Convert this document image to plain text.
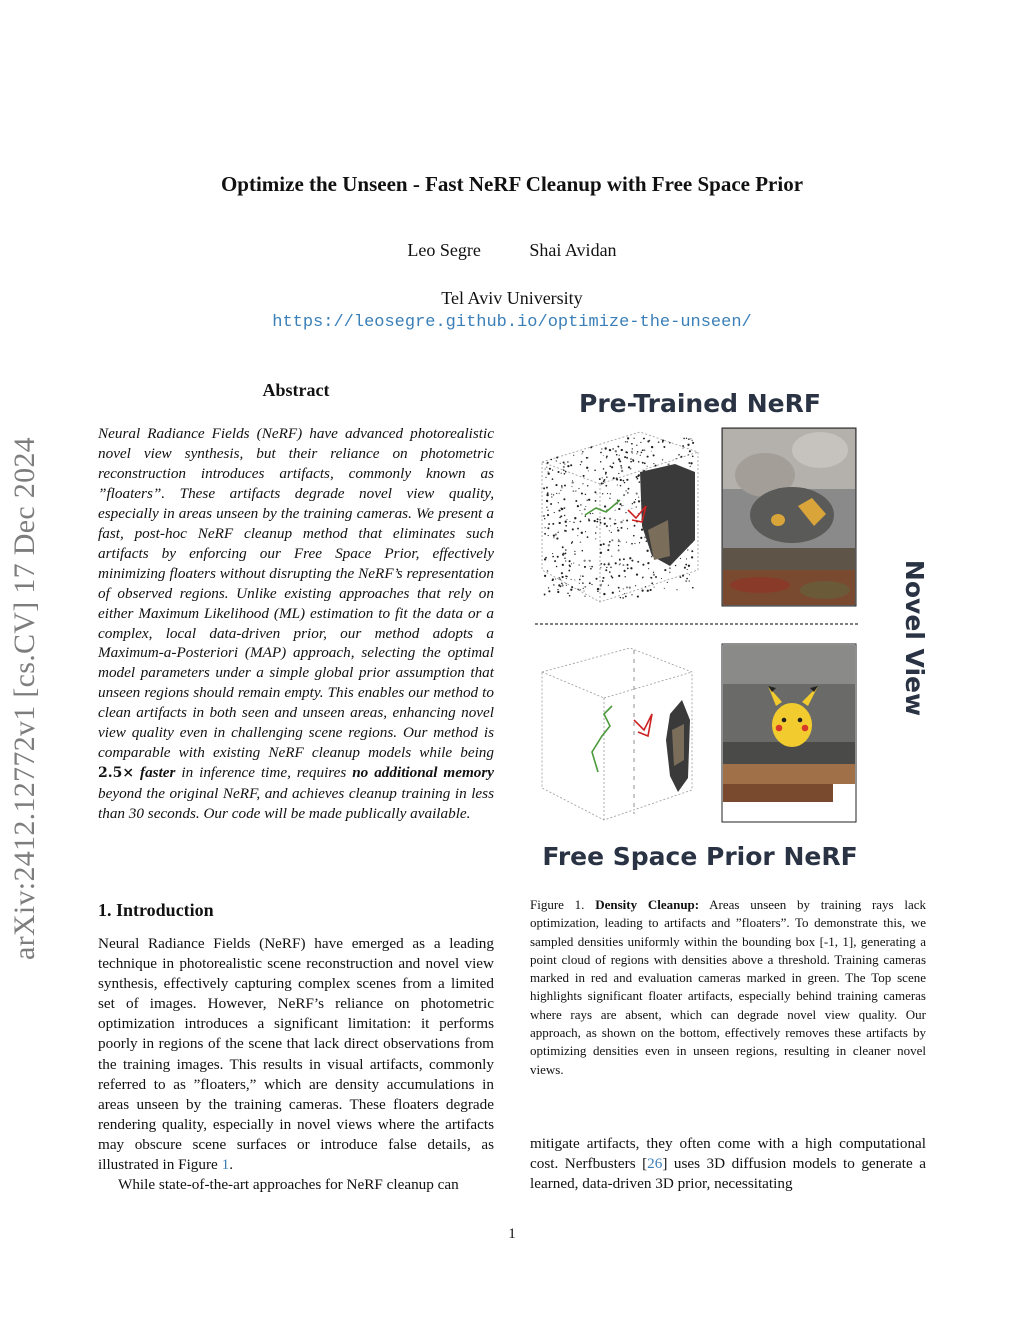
Optimize the Unseen - Fast NeRF Cleanup with Free Space Prior
Leo Segre	Shai Avidan
Tel Aviv University
https://leosegre.github.io/optimize-the-unseen/
arXiv:2412.12772v1 [cs.CV] 17 Dec 2024
Abstract
Neural Radiance Fields (NeRF) have advanced photorealistic novel view synthesis, but their reliance on photometric reconstruction introduces artifacts, commonly known as ”floaters”. These artifacts degrade novel view quality, especially in areas unseen by the training cameras. We present a fast, post-hoc NeRF cleanup method that eliminates such artifacts by enforcing our Free Space Prior, effectively minimizing floaters without disrupting the NeRF’s representation of observed regions. Unlike existing approaches that rely on either Maximum Likelihood (ML) estimation to fit the data or a complex, local data-driven prior, our method adopts a Maximum-a-Posteriori (MAP) approach, selecting the optimal model parameters under a simple global prior assumption that unseen regions should remain empty. This enables our method to clean artifacts in both seen and unseen areas, enhancing novel view quality even in challenging scene regions. Our method is comparable with existing NeRF cleanup models while being 2.5× faster in inference time, requires no additional memory beyond the original NeRF, and achieves cleanup training in less than 30 seconds. Our code will be made publically available.
1. Introduction

Neural Radiance Fields (NeRF) have emerged as a leading technique in photorealistic scene reconstruction and novel view synthesis, effectively capturing complex scenes from a limited set of images. However, NeRF’s reliance on photometric optimization introduces a significant limitation: it performs poorly in regions of the scene that lack direct observations from the training images. This results in visual artifacts, commonly referred to as ”floaters,” which are density accumulations in areas unseen by the training cameras. These floaters degrade rendering quality, especially in novel views where the artifacts may obscure scene surfaces or introduce false details, as illustrated in Figure 1.

While state-of-the-art approaches for NeRF cleanup can

Pre-Trained NeRF
Novel View
Free Space Prior NeRF
Figure 1. Density Cleanup: Areas unseen by training rays lack optimization, leading to artifacts and ”floaters”. To demonstrate this, we sampled densities uniformly within the bounding box [-1, 1], generating a point cloud of regions with densities above a threshold. Training cameras marked in red and evaluation cameras marked in green. The Top scene highlights significant floater artifacts, especially behind training cameras where rays are absent, which can degrade novel view quality. Our approach, as shown on the bottom, effectively removes these artifacts by optimizing densities even in unseen regions, resulting in cleaner novel views.
mitigate artifacts, they often come with a high computational cost. Nerfbusters [26] uses 3D diffusion models to generate a learned, data-driven 3D prior, necessitating
1
